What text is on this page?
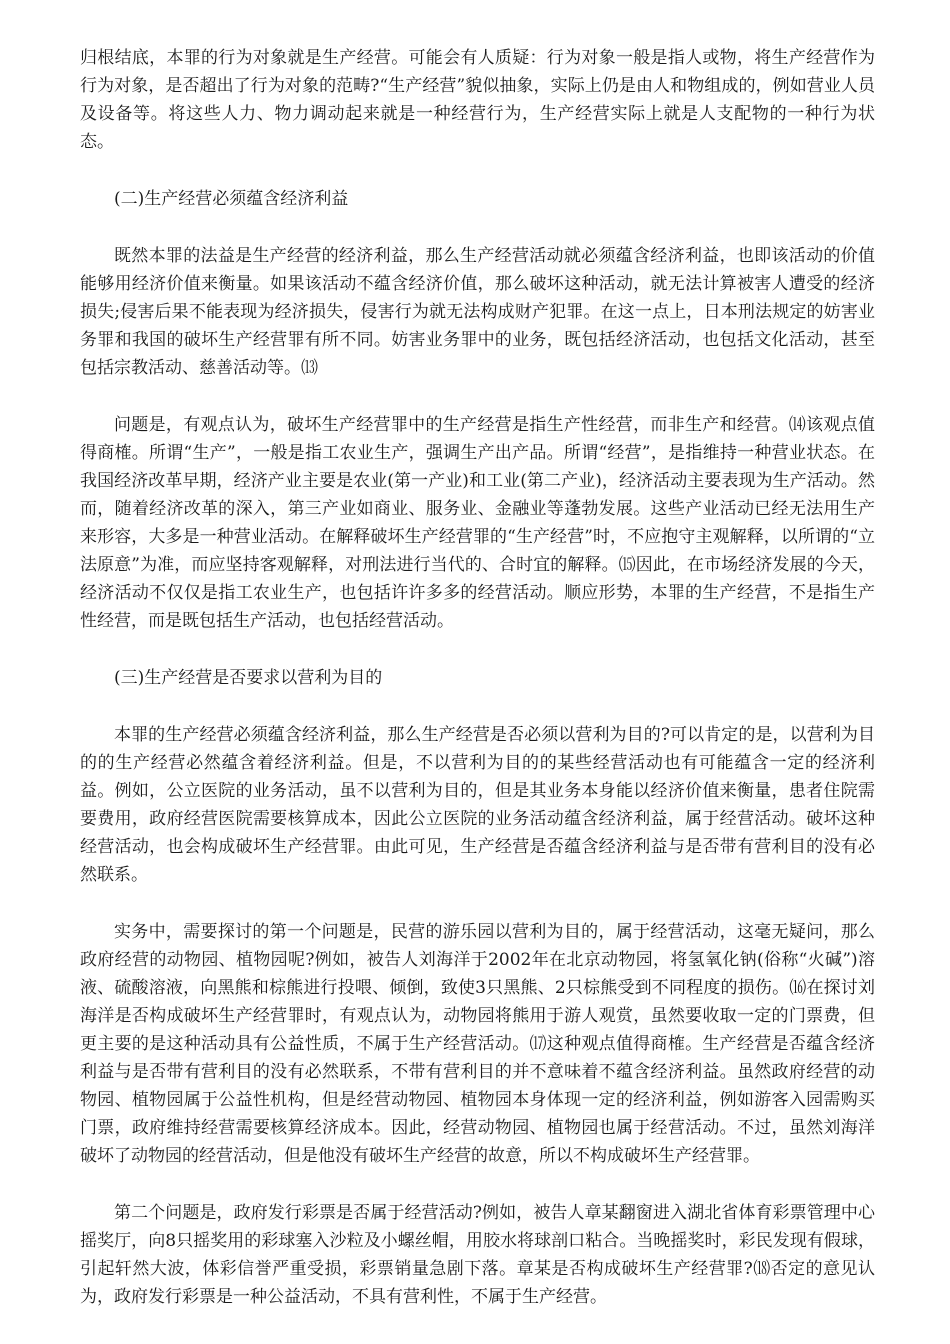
归根结底，本罪的行为对象就是生产经营。可能会有人质疑：行为对象一般是指人或物，将生产经营作为行为对象，是否超出了行为对象的范畴?“生产经营”貌似抽象，实际上仍是由人和物组成的，例如营业人员及设备等。将这些人力、物力调动起来就是一种经营行为，生产经营实际上就是人支配物的一种行为状态。

(二)生产经营必须蕴含经济利益

既然本罪的法益是生产经营的经济利益，那么生产经营活动就必须蕴含经济利益，也即该活动的价值能够用经济价值来衡量。如果该活动不蕴含经济价值，那么破坏这种活动，就无法计算被害人遭受的经济损失;侵害后果不能表现为经济损失，侵害行为就无法构成财产犯罪。在这一点上，日本刑法规定的妨害业务罪和我国的破坏生产经营罪有所不同。妨害业务罪中的业务，既包括经济活动，也包括文化活动，甚至包括宗教活动、慈善活动等。⒀

问题是，有观点认为，破坏生产经营罪中的生产经营是指生产性经营，而非生产和经营。⒁该观点值得商榷。所谓“生产”，一般是指工农业生产，强调生产出产品。所谓“经营”，是指维持一种营业状态。在我国经济改革早期，经济产业主要是农业(第一产业)和工业(第二产业)，经济活动主要表现为生产活动。然而，随着经济改革的深入，第三产业如商业、服务业、金融业等蓬勃发展。这些产业活动已经无法用生产来形容，大多是一种营业活动。在解释破坏生产经营罪的“生产经营”时，不应抱守主观解释，以所谓的“立法原意”为准，而应坚持客观解释，对刑法进行当代的、合时宜的解释。⒂因此，在市场经济发展的今天，经济活动不仅仅是指工农业生产，也包括许许多多的经营活动。顺应形势，本罪的生产经营，不是指生产性经营，而是既包括生产活动，也包括经营活动。

(三)生产经营是否要求以营利为目的

本罪的生产经营必须蕴含经济利益，那么生产经营是否必须以营利为目的?可以肯定的是，以营利为目的的生产经营必然蕴含着经济利益。但是，不以营利为目的的某些经营活动也有可能蕴含一定的经济利益。例如，公立医院的业务活动，虽不以营利为目的，但是其业务本身能以经济价值来衡量，患者住院需要费用，政府经营医院需要核算成本，因此公立医院的业务活动蕴含经济利益，属于经营活动。破坏这种经营活动，也会构成破坏生产经营罪。由此可见，生产经营是否蕴含经济利益与是否带有营利目的没有必然联系。

实务中，需要探讨的第一个问题是，民营的游乐园以营利为目的，属于经营活动，这毫无疑问，那么政府经营的动物园、植物园呢?例如，被告人刘海洋于2002年在北京动物园，将氢氧化钠(俗称“火碱”)溶液、硫酸溶液，向黑熊和棕熊进行投喂、倾倒，致使3只黑熊、2只棕熊受到不同程度的损伤。⒃在探讨刘海洋是否构成破坏生产经营罪时，有观点认为，动物园将熊用于游人观赏，虽然要收取一定的门票费，但更主要的是这种活动具有公益性质，不属于生产经营活动。⒄这种观点值得商榷。生产经营是否蕴含经济利益与是否带有营利目的没有必然联系，不带有营利目的并不意味着不蕴含经济利益。虽然政府经营的动物园、植物园属于公益性机构，但是经营动物园、植物园本身体现一定的经济利益，例如游客入园需购买门票，政府维持经营需要核算经济成本。因此，经营动物园、植物园也属于经营活动。不过，虽然刘海洋破坏了动物园的经营活动，但是他没有破坏生产经营的故意，所以不构成破坏生产经营罪。

第二个问题是，政府发行彩票是否属于经营活动?例如，被告人章某翻窗进入湖北省体育彩票管理中心摇奖厅，向8只摇奖用的彩球塞入沙粒及小螺丝帽，用胶水将球剖口粘合。当晚摇奖时，彩民发现有假球，引起轩然大波，体彩信誉严重受损，彩票销量急剧下落。章某是否构成破坏生产经营罪?⒅否定的意见认为，政府发行彩票是一种公益活动，不具有营利性，不属于生产经营。
